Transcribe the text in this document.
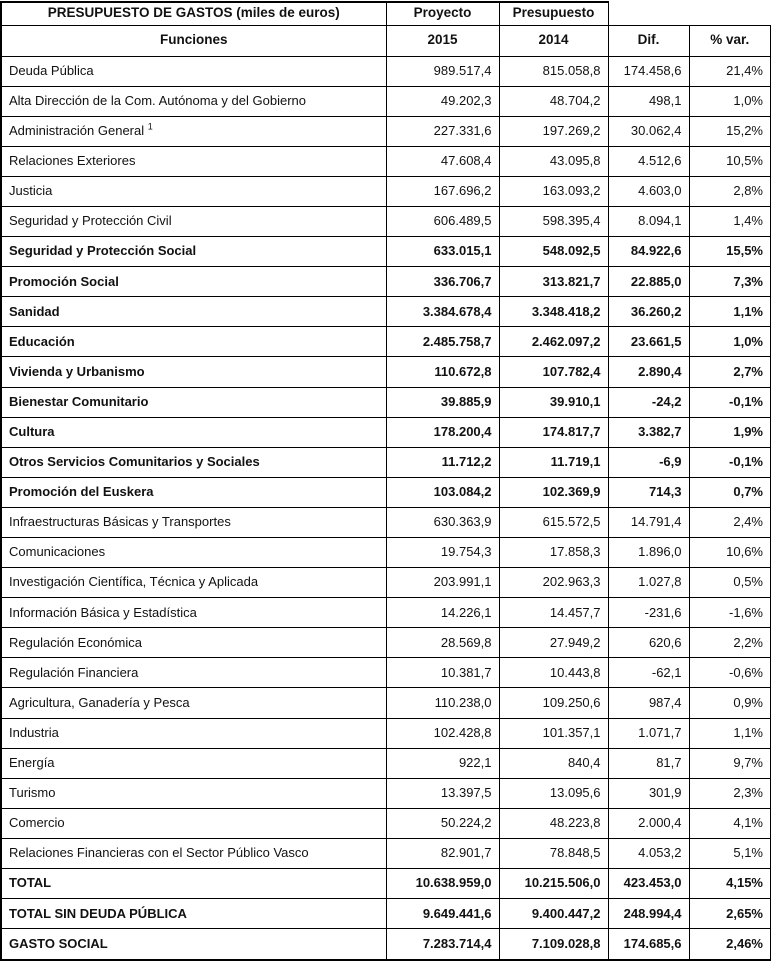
PRESUPUESTO DE GASTOS (miles de euros)	Proyecto	Presupuesto		
Funciones	2015	2014	Dif.	% var.
Deuda Pública	989.517,4	815.058,8	174.458,6	21,4%
Alta Dirección de la Com. Autónoma y del Gobierno	49.202,3	48.704,2	498,1	1,0%
Administración General $^1$	227.331,6	197.269,2	30.062,4	15,2%
Relaciones Exteriores	47.608,4	43.095,8	4.512,6	10,5%
Justicia	167.696,2	163.093,2	4.603,0	2,8%
Seguridad y Protección Civil	606.489,5	598.395,4	8.094,1	1,4%
Seguridad y Protección Social	633.015,1	548.092,5	84.922,6	15,5%
Promoción Social	336.706,7	313.821,7	22.885,0	7,3%
Sanidad	3.384.678,4	3.348.418,2	36.260,2	1,1%
Educación	2.485.758,7	2.462.097,2	23.661,5	1,0%
Vivienda y Urbanismo	110.672,8	107.782,4	2.890,4	2,7%
Bienestar Comunitario	39.885,9	39.910,1	-24,2	-0,1%
Cultura	178.200,4	174.817,7	3.382,7	1,9%
Otros Servicios Comunitarios y Sociales	11.712,2	11.719,1	-6,9	-0,1%
Promoción del Euskera	103.084,2	102.369,9	714,3	0,7%
Infraestructuras Básicas y Transportes	630.363,9	615.572,5	14.791,4	2,4%
Comunicaciones	19.754,3	17.858,3	1.896,0	10,6%
Investigación Científica, Técnica y Aplicada	203.991,1	202.963,3	1.027,8	0,5%
Información Básica y Estadística	14.226,1	14.457,7	-231,6	-1,6%
Regulación Económica	28.569,8	27.949,2	620,6	2,2%
Regulación Financiera	10.381,7	10.443,8	-62,1	-0,6%
Agricultura, Ganadería y Pesca	110.238,0	109.250,6	987,4	0,9%
Industria	102.428,8	101.357,1	1.071,7	1,1%
Energía	922,1	840,4	81,7	9,7%
Turismo	13.397,5	13.095,6	301,9	2,3%
Comercio	50.224,2	48.223,8	2.000,4	4,1%
Relaciones Financieras con el Sector Público Vasco	82.901,7	78.848,5	4.053,2	5,1%
TOTAL	10.638.959,0	10.215.506,0	423.453,0	4,15%
TOTAL SIN DEUDA PÚBLICA	9.649.441,6	9.400.447,2	248.994,4	2,65%
GASTO SOCIAL	7.283.714,4	7.109.028,8	174.685,6	2,46%
